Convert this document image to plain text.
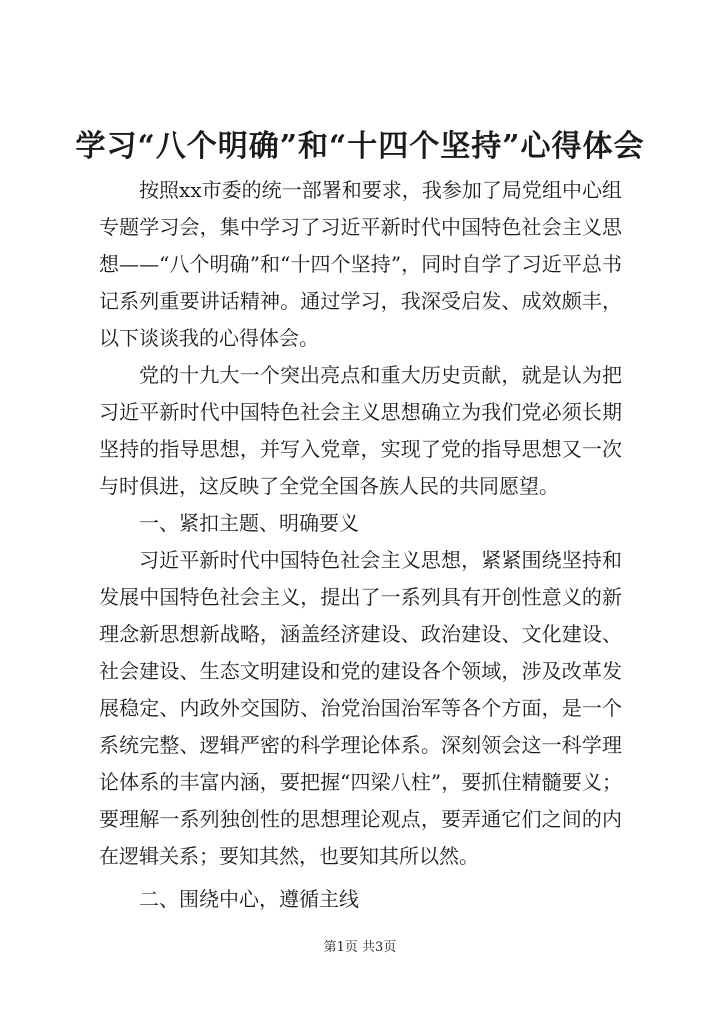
学习“八个明确”和“十四个坚持”心得体会

按照xx市委的统一部署和要求，我参加了局党组中心组专题学习会，集中学习了习近平新时代中国特色社会主义思想——“八个明确”和“十四个坚持”，同时自学了习近平总书记系列重要讲话精神。通过学习，我深受启发、成效颇丰，以下谈谈我的心得体会。

党的十九大一个突出亮点和重大历史贡献，就是认为把习近平新时代中国特色社会主义思想确立为我们党必须长期坚持的指导思想，并写入党章，实现了党的指导思想又一次与时俱进，这反映了全党全国各族人民的共同愿望。

一、紧扣主题、明确要义

习近平新时代中国特色社会主义思想，紧紧围绕坚持和发展中国特色社会主义，提出了一系列具有开创性意义的新理念新思想新战略，涵盖经济建设、政治建设、文化建设、社会建设、生态文明建设和党的建设各个领域，涉及改革发展稳定、内政外交国防、治党治国治军等各个方面，是一个系统完整、逻辑严密的科学理论体系。深刻领会这一科学理论体系的丰富内涵，要把握“四梁八柱”，要抓住精髓要义；要理解一系列独创性的思想理论观点，要弄通它们之间的内在逻辑关系；要知其然，也要知其所以然。

二、围绕中心，遵循主线

第1页 共3页
